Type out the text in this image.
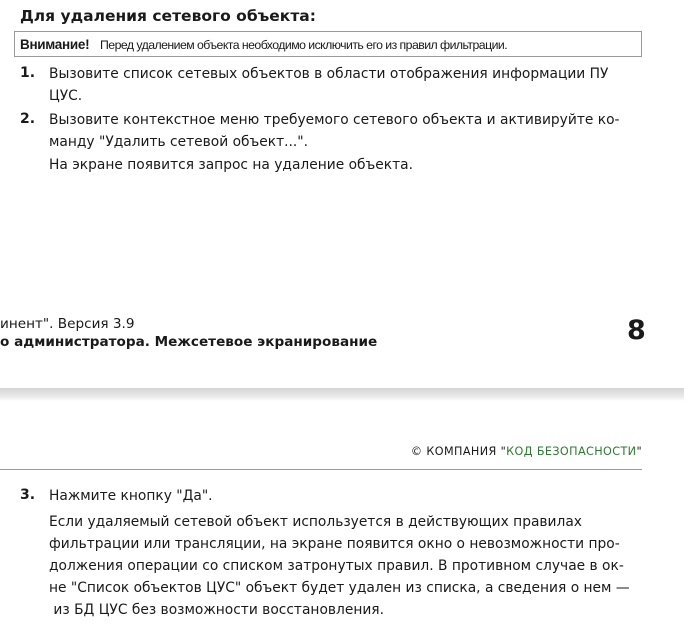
Для удаления сетевого объекта:
Внимание! Перед удалением объекта необходимо исключить его из правил фильтрации.
1. Вызовите список сетевых объектов в области отображения информации ПУ
ЦУС.
2. Вызовите контекстное меню требуемого сетевого объекта и активируйте ко-
манду "Удалить сетевой объект...".
На экране появится запрос на удаление объекта.
инент". Версия 3.9
о администратора. Межсетевое экранирование	8
© КОМПАНИЯ "КОД БЕЗОПАСНОСТИ"
3. Нажмите кнопку "Да".
Если удаляемый сетевой объект используется в действующих правилах
фильтрации или трансляции, на экране появится окно о невозможности про-
должения операции со списком затронутых правил. В противном случае в ок-
не "Список объектов ЦУС" объект будет удален из списка, а сведения о нем —
из БД ЦУС без возможности восстановления.
